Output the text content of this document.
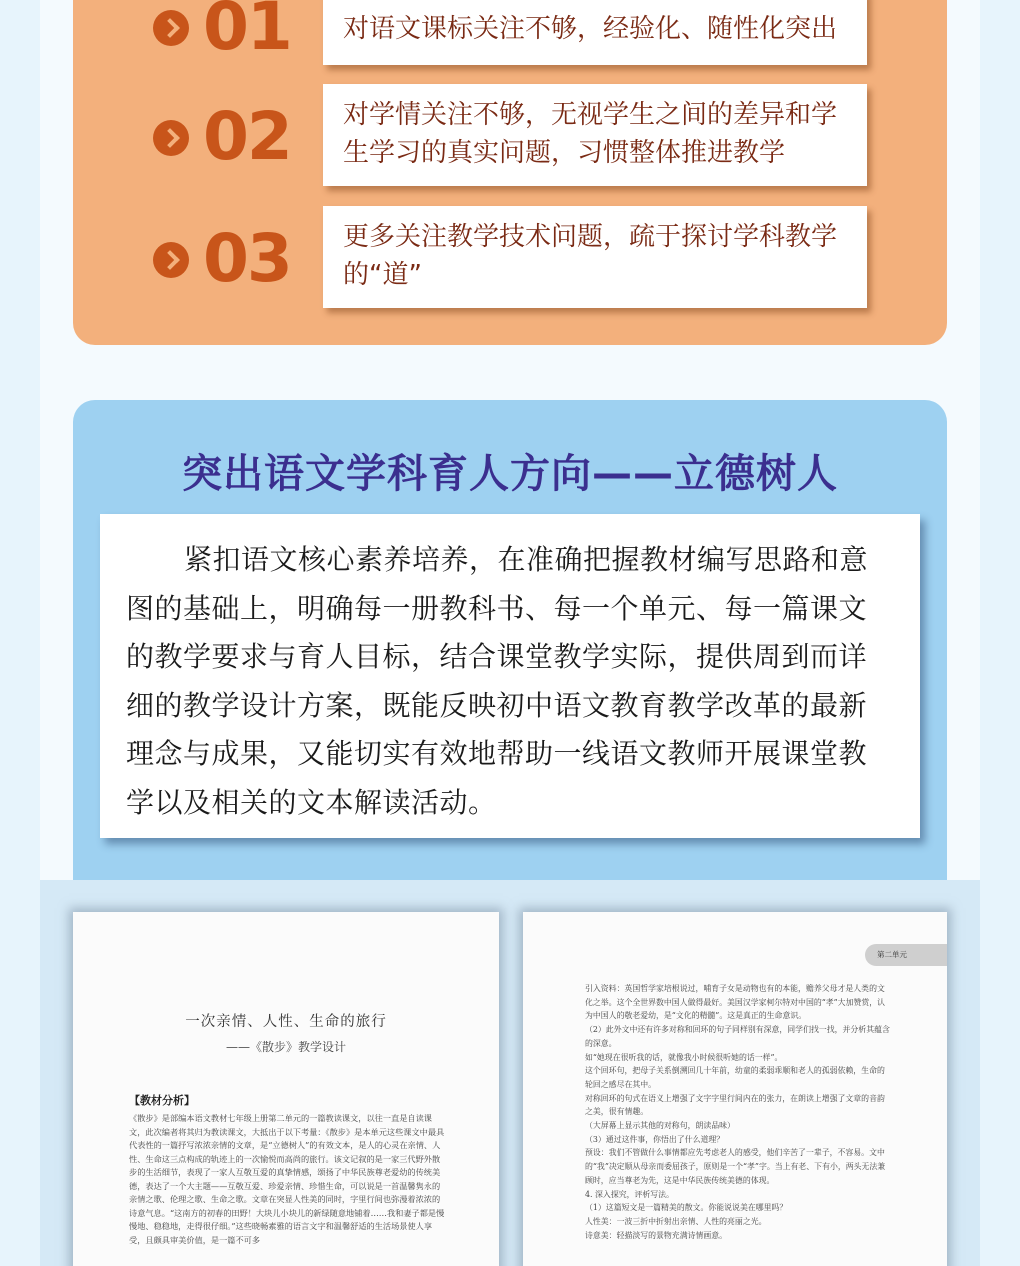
01	对语文课标关注不够，经验化、随性化突出
02	对学情关注不够，无视学生之间的差异和学生学习的真实问题，习惯整体推进教学
03	更多关注教学技术问题，疏于探讨学科教学的“道”
突出语文学科育人方向——立德树人
紧扣语文核心素养培养，在准确把握教材编写思路和意图的基础上，明确每一册教科书、每一个单元、每一篇课文的教学要求与育人目标，结合课堂教学实际，提供周到而详细的教学设计方案，既能反映初中语文教育教学改革的最新理念与成果，又能切实有效地帮助一线语文教师开展课堂教学以及相关的文本解读活动。
一次亲情、人性、生命的旅行
——《散步》教学设计
【教材分析】
《散步》是部编本语文教材七年级上册第二单元的一篇教读课文，以往一直是自读课文，此次编者将其归为教读课文，大抵出于以下考量：《散步》是本单元这些课文中最具代表性的一篇抒写浓浓亲情的文章，是“立德树人”的有效文本，是人的心灵在亲情、人性、生命这三点构成的轨迹上的一次愉悦而高尚的旅行。该文记叙的是一家三代野外散步的生活细节，表现了一家人互敬互爱的真挚情感，颂扬了中华民族尊老爱幼的传统美德，表达了一个大主题——互敬互爱、珍爱亲情、珍惜生命，可以说是一首温馨隽永的亲情之歌、伦理之歌、生命之歌。文章在突显人性美的同时，字里行间也弥漫着浓浓的诗意气息。“这南方的初春的田野！大块儿小块儿的新绿随意地铺着……我和妻子都是慢慢地、稳稳地，走得很仔细。”这些晓畅素雅的语言文字和温馨舒适的生活场景使人享受，且颇具审美价值，是一篇不可多
第二单元

引入资料：英国哲学家培根说过，哺育子女是动物也有的本能，赡养父母才是人类的文化之举。这个全世界数中国人做得最好。美国汉学家柯尔特对中国的“孝”大加赞赏，认为中国人的敬老爱幼，是“文化的精髓”。这是真正的生命意识。

（2）此外文中还有许多对称和回环的句子同样别有深意，同学们找一找，并分析其蕴含的深意。

如“她现在很听我的话，就像我小时候很听她的话一样”。

这个回环句，把母子关系倒溯回几十年前，幼童的柔弱乖顺和老人的孤弱依赖，生命的轮回之感尽在其中。

对称回环的句式在语义上增强了文字字里行间内在的张力，在朗读上增强了文章的音韵之美，很有情趣。

（大屏幕上显示其他的对称句，朗读品味）

（3）通过这件事，你悟出了什么道理？

预设：我们不管做什么事情都应先考虑老人的感受，他们辛苦了一辈子，不容易。文中的“我”决定顺从母亲而委屈孩子，原则是一个“孝”字。当上有老、下有小，两头无法兼顾时，应当尊老为先，这是中华民族传统美德的体现。

4. 深入探究，评析写法。

（1）这篇短文是一篇精美的散文。你能说说美在哪里吗？

人性美：一波三折中折射出亲情、人性的亮丽之光。

诗意美：轻描淡写的景物充满诗情画意。
